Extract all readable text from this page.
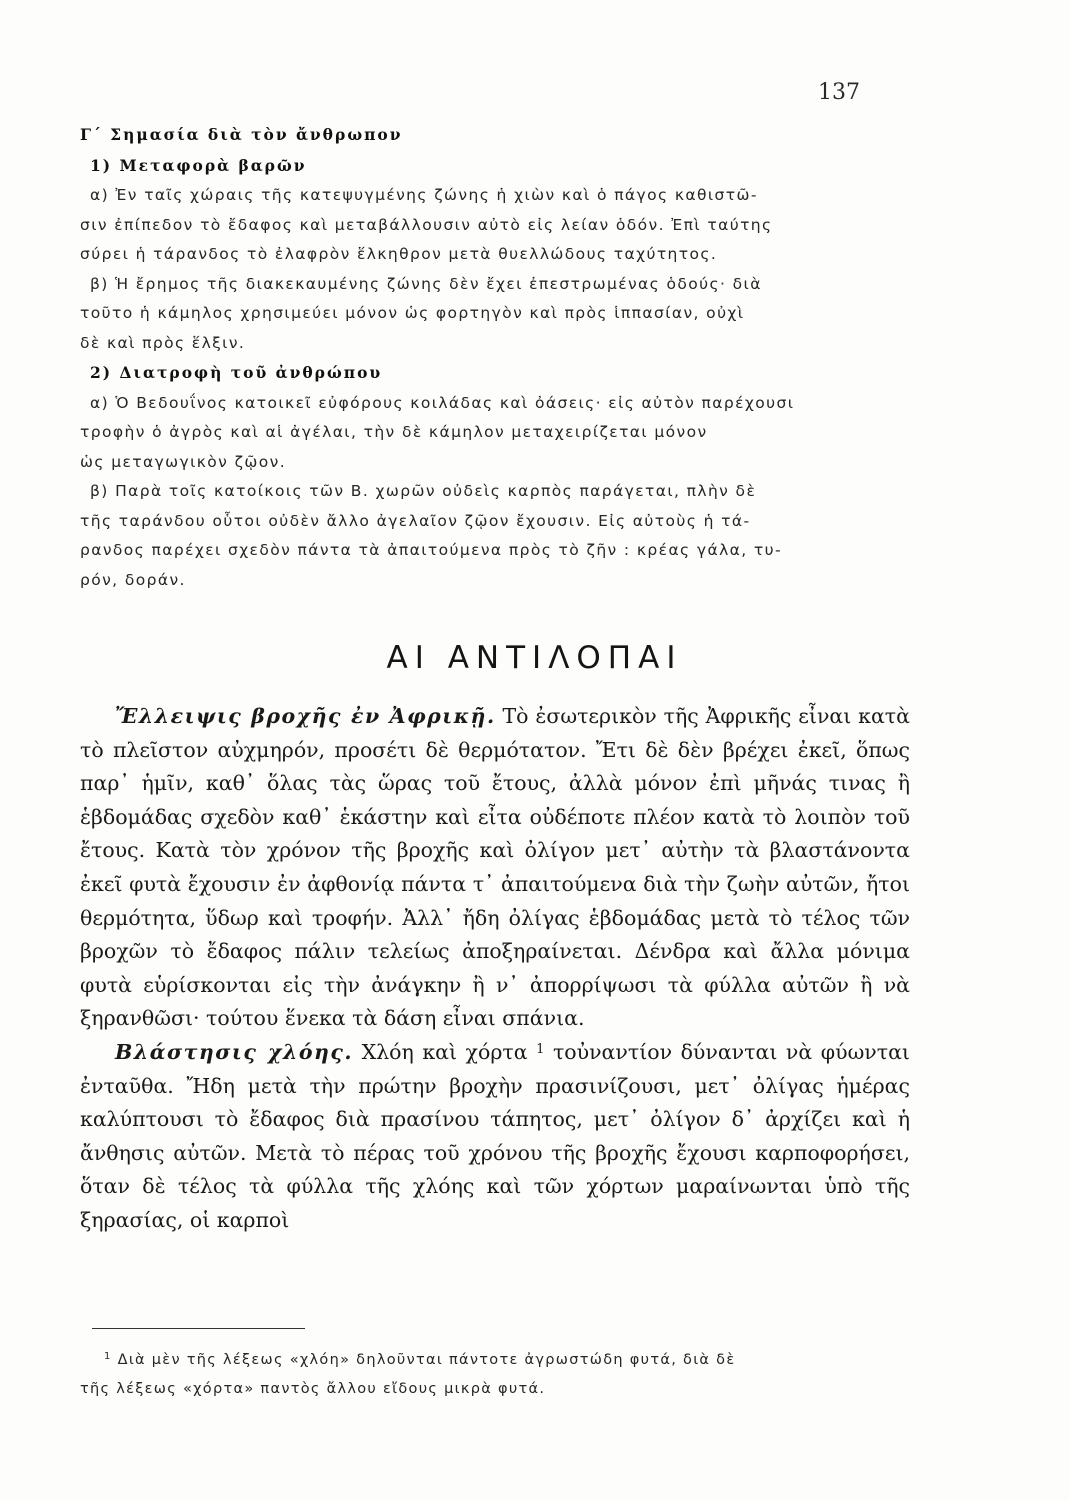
137
Γ΄ Σημασία διὰ τὸν ἄνθρωπον
1) Μεταφορὰ βαρῶν
α) Ἐν ταῖς χώραις τῆς κατεψυγμένης ζώνης ἡ χιὼν καὶ ὁ πάγος καθιστῶ-
σιν ἐπίπεδον τὸ ἔδαφος καὶ μεταβάλλουσιν αὐτὸ εἰς λείαν ὁδόν. Ἐπὶ ταύτης
σύρει ἡ τάρανδος τὸ ἐλαφρὸν ἕλκηθρον μετὰ θυελλώδους ταχύτητος.
β) Ἡ ἔρημος τῆς διακεκαυμένης ζώνης δὲν ἔχει ἐπεστρωμένας ὁδούς· διὰ
τοῦτο ἡ κάμηλος χρησιμεύει μόνον ὡς φορτηγὸν καὶ πρὸς ἱππασίαν, οὐχὶ
δὲ καὶ πρὸς ἕλξιν.
2) Διατροφὴ τοῦ ἀνθρώπου
α) Ὁ Βεδουΐνος κατοικεῖ εὐφόρους κοιλάδας καὶ ὀάσεις· εἰς αὐτὸν παρέχουσι
τροφὴν ὁ ἀγρὸς καὶ αἱ ἀγέλαι, τὴν δὲ κάμηλον μεταχειρίζεται μόνον
ὡς μεταγωγικὸν ζῷον.
β) Παρὰ τοῖς κατοίκοις τῶν Β. χωρῶν οὐδεὶς καρπὸς παράγεται, πλὴν δὲ
τῆς ταράνδου οὗτοι οὐδὲν ἄλλο ἀγελαῖον ζῷον ἔχουσιν. Εἰς αὐτοὺς ἡ τά-
ρανδος παρέχει σχεδὸν πάντα τὰ ἀπαιτούμενα πρὸς τὸ ζῆν : κρέας γάλα, τυ-
ρόν, δοράν.
ΑΙ ΑΝΤΙΛΟΠΑΙ

Ἔλλειψις βροχῆς ἐν Ἀφρικῇ. Τὸ ἐσωτερικὸν τῆς Ἀφρικῆς εἶναι κατὰ τὸ πλεῖστον αὐχμηρόν, προσέτι δὲ θερμότατον. Ἔτι δὲ δὲν βρέχει ἐκεῖ, ὅπως παρ᾽ ἡμῖν, καθ᾽ ὅλας τὰς ὥρας τοῦ ἔτους, ἀλλὰ μόνον ἐπὶ μῆνάς τινας ἢ ἑβδομάδας σχεδὸν καθ᾽ ἑκάστην καὶ εἶτα οὐδέποτε πλέον κατὰ τὸ λοιπὸν τοῦ ἔτους. Κατὰ τὸν χρόνον τῆς βροχῆς καὶ ὀλίγον μετ᾽ αὐτὴν τὰ βλαστάνοντα ἐκεῖ φυτὰ ἔχουσιν ἐν ἀφθονίᾳ πάντα τ᾽ ἀπαιτούμενα διὰ τὴν ζωὴν αὐτῶν, ἤτοι θερμότητα, ὕδωρ καὶ τροφήν. Ἀλλ᾽ ἤδη ὀλίγας ἑβδομάδας μετὰ τὸ τέλος τῶν βροχῶν τὸ ἔδαφος πάλιν τελείως ἀποξηραίνεται. Δένδρα καὶ ἄλλα μόνιμα φυτὰ εὑρίσκονται εἰς τὴν ἀνάγκην ἢ ν᾽ ἀπορρίψωσι τὰ φύλλα αὐτῶν ἢ νὰ ξηρανθῶσι· τούτου ἕνεκα τὰ δάση εἶναι σπάνια.

Βλάστησις χλόης. Χλόη καὶ χόρτα $^1$ τοὐναντίον δύνανται νὰ φύωνται ἐνταῦθα. Ἤδη μετὰ τὴν πρώτην βροχὴν πρασινίζουσι, μετ᾽ ὀλίγας ἡμέρας καλύπτουσι τὸ ἔδαφος διὰ πρασίνου τάπητος, μετ᾽ ὀλίγον δ᾽ ἀρχίζει καὶ ἡ ἄνθησις αὐτῶν. Μετὰ τὸ πέρας τοῦ χρόνου τῆς βροχῆς ἔχουσι καρποφορήσει, ὅταν δὲ τέλος τὰ φύλλα τῆς χλόης καὶ τῶν χόρτων μαραίνωνται ὑπὸ τῆς ξηρασίας, οἱ καρποὶ

$^1$ Διὰ μὲν τῆς λέξεως «χλόη» δηλοῦνται πάντοτε ἀγρωστώδη φυτά, διὰ δὲ
τῆς λέξεως «χόρτα» παντὸς ἄλλου εἴδους μικρὰ φυτά.
